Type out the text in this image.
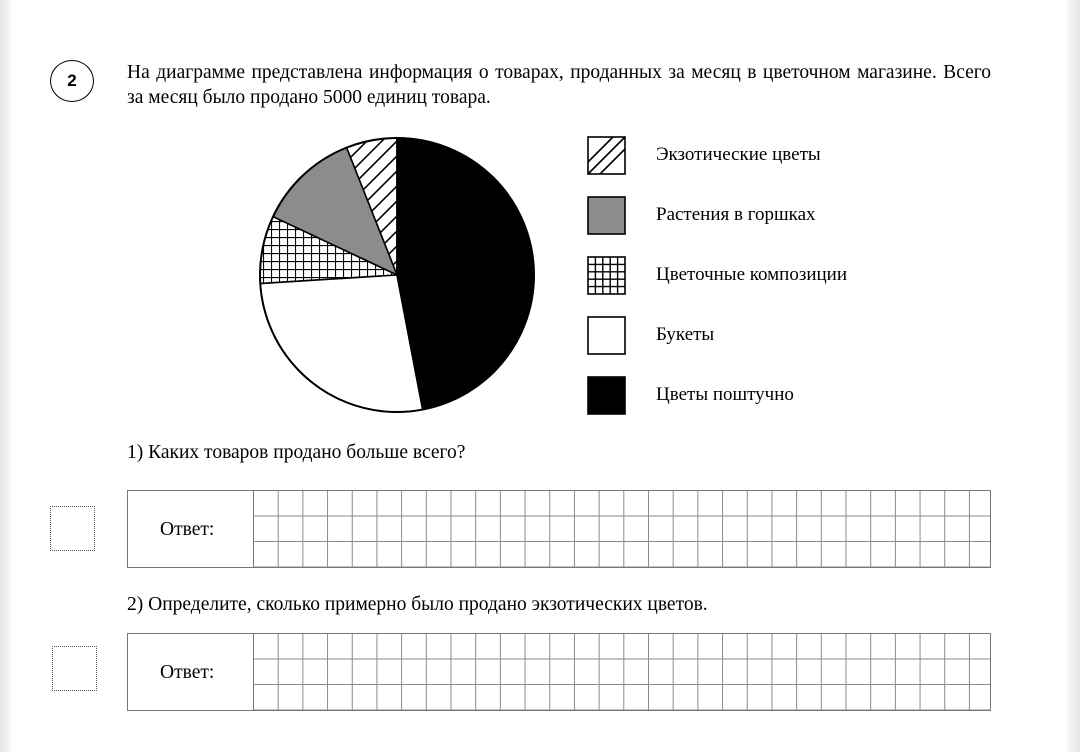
2	На диаграмме представлена информация о товарах, проданных за месяц в цветочном магазине. Всего за месяц было продано 5000 единиц товара.

Экзотические цветы
Растения в горшках
Цветочные композиции
Букеты
Цветы поштучно

1) Каких товаров продано больше всего?

Ответ:

2) Определите, сколько примерно было продано экзотических цветов.

Ответ:
